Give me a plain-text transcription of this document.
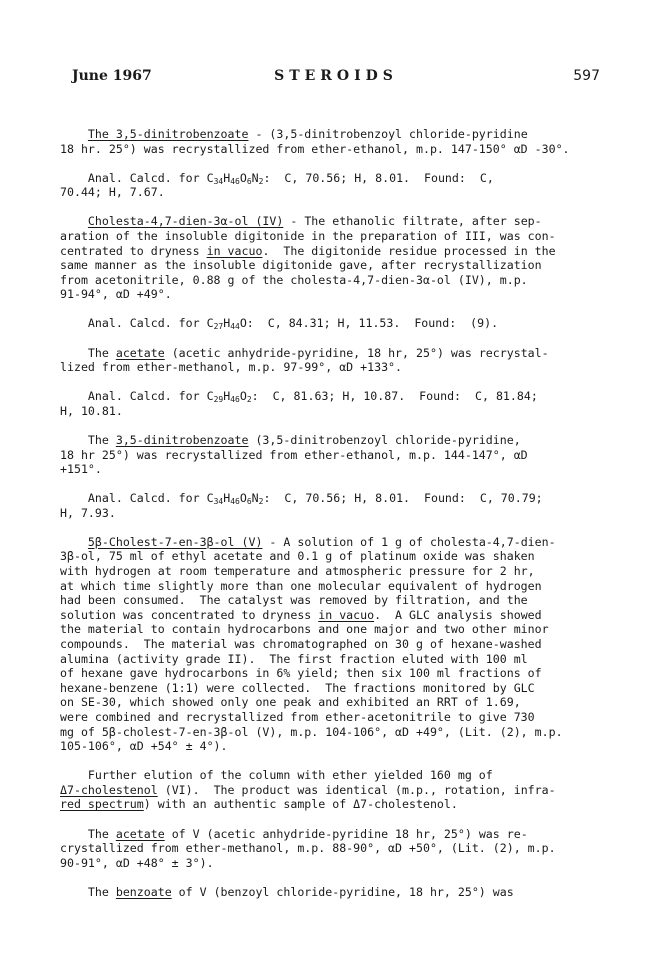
June 1967	STEROIDS	597
The 3,5-dinitrobenzoate - (3,5-dinitrobenzoyl chloride-pyridine
18 hr. 25°) was recrystallized from ether-ethanol, m.p. 147-150° αD -30°.
Anal. Calcd. for $C_{34}H_{46}O_6N_2$:  C, 70.56; H, 8.01.  Found:  C,
70.44; H, 7.67.
Cholesta-4,7-dien-3α-ol (IV) - The ethanolic filtrate, after sep-
aration of the insoluble digitonide in the preparation of III, was con-
centrated to dryness in vacuo.  The digitonide residue processed in the
same manner as the insoluble digitonide gave, after recrystallization
from acetonitrile, 0.88 g of the cholesta-4,7-dien-3α-ol (IV), m.p.
91-94°, αD +49°.
Anal. Calcd. for $C_{27}H_{44}O$:  C, 84.31; H, 11.53.  Found:  (9).
The acetate (acetic anhydride-pyridine, 18 hr, 25°) was recrystal-
lized from ether-methanol, m.p. 97-99°, αD +133°.
Anal. Calcd. for $C_{29}H_{46}O_2$:  C, 81.63; H, 10.87.  Found:  C, 81.84;
H, 10.81.
The 3,5-dinitrobenzoate (3,5-dinitrobenzoyl chloride-pyridine,
18 hr 25°) was recrystallized from ether-ethanol, m.p. 144-147°, αD
+151°.
Anal. Calcd. for $C_{34}H_{46}O_6N_2$:  C, 70.56; H, 8.01.  Found:  C, 70.79;
H, 7.93.
5β-Cholest-7-en-3β-ol (V) - A solution of 1 g of cholesta-4,7-dien-
3β-ol, 75 ml of ethyl acetate and 0.1 g of platinum oxide was shaken
with hydrogen at room temperature and atmospheric pressure for 2 hr,
at which time slightly more than one molecular equivalent of hydrogen
had been consumed.  The catalyst was removed by filtration, and the
solution was concentrated to dryness in vacuo.  A GLC analysis showed
the material to contain hydrocarbons and one major and two other minor
compounds.  The material was chromatographed on 30 g of hexane-washed
alumina (activity grade II).  The first fraction eluted with 100 ml
of hexane gave hydrocarbons in 6% yield; then six 100 ml fractions of
hexane-benzene (1:1) were collected.  The fractions monitored by GLC
on SE-30, which showed only one peak and exhibited an RRT of 1.69,
were combined and recrystallized from ether-acetonitrile to give 730
mg of 5β-cholest-7-en-3β-ol (V), m.p. 104-106°, αD +49°, (Lit. (2), m.p.
105-106°, αD +54° ± 4°).
Further elution of the column with ether yielded 160 mg of
Δ7-cholestenol (VI).  The product was identical (m.p., rotation, infra-
red spectrum) with an authentic sample of Δ7-cholestenol.
The acetate of V (acetic anhydride-pyridine 18 hr, 25°) was re-
crystallized from ether-methanol, m.p. 88-90°, αD +50°, (Lit. (2), m.p.
90-91°, αD +48° ± 3°).
The benzoate of V (benzoyl chloride-pyridine, 18 hr, 25°) was
